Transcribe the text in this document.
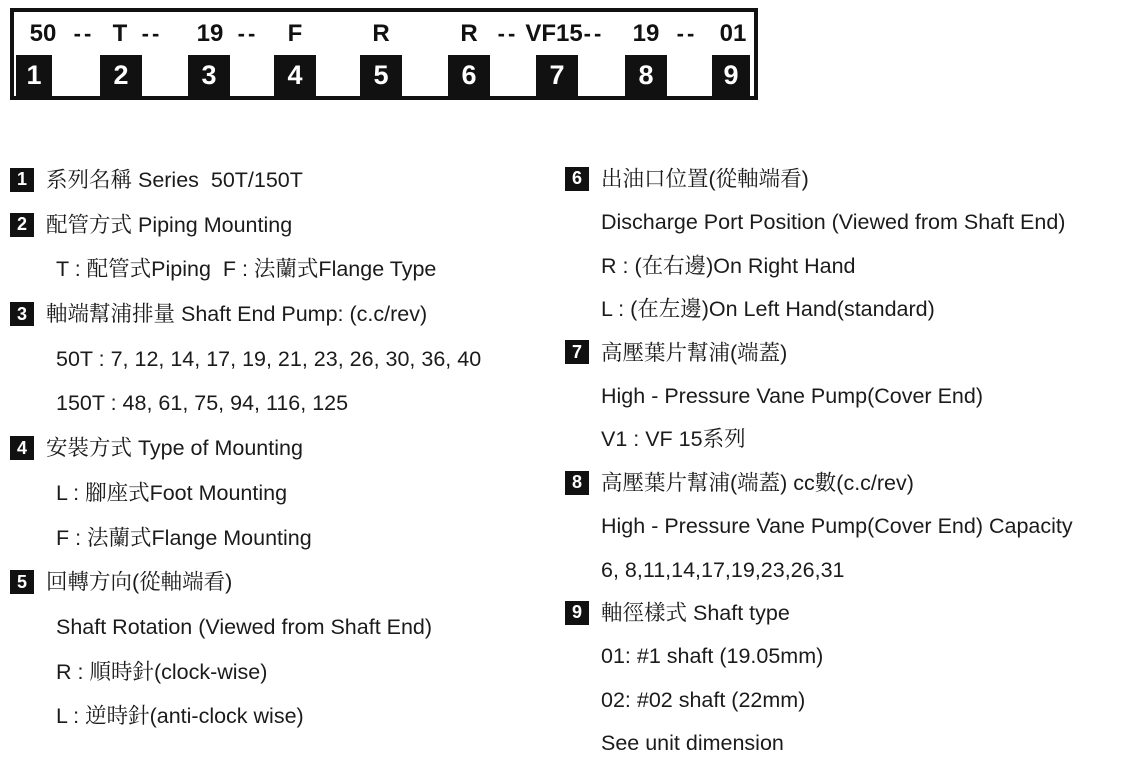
50 -- T -- 19 -- F	R	R -- VF15 -- 19 -- 01
1	2	3	4	5	6	7	8	9
1 系列名稱 Series  50T/150T
2 配管方式 Piping Mounting
T : 配管式Piping  F : 法蘭式Flange Type
3 軸端幫浦排量 Shaft End Pump: (c.c/rev)
50T : 7, 12, 14, 17, 19, 21, 23, 26, 30, 36, 40
150T : 48, 61, 75, 94, 116, 125
4 安裝方式 Type of Mounting
L : 腳座式Foot Mounting
F : 法蘭式Flange Mounting
5 回轉方向(從軸端看)
Shaft Rotation (Viewed from Shaft End)
R : 順時針(clock-wise)
L : 逆時針(anti-clock wise)
6 出油口位置(從軸端看)
Discharge Port Position (Viewed from Shaft End)
R : (在右邊)On Right Hand
L : (在左邊)On Left Hand(standard)
7 高壓葉片幫浦(端蓋)
High - Pressure Vane Pump(Cover End)
V1 : VF 15系列
8 高壓葉片幫浦(端蓋) cc數(c.c/rev)
High - Pressure Vane Pump(Cover End) Capacity
6, 8,11,14,17,19,23,26,31
9 軸徑樣式 Shaft type
01: #1 shaft (19.05mm)
02: #02 shaft (22mm)
See unit dimension
